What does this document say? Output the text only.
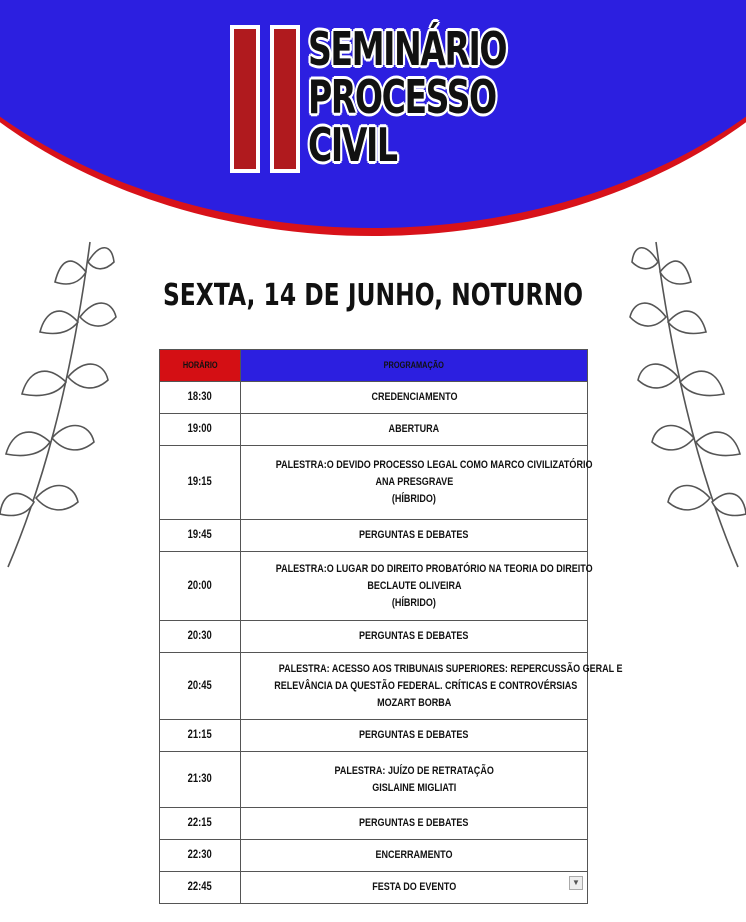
SEMINÁRIO
PROCESSO
CIVIL
SEXTA, 14 DE JUNHO, NOTURNO
HORÁRIO	PROGRAMAÇÃO
18:30	CREDENCIAMENTO
19:00	ABERTURA
19:15	PALESTRA:O DEVIDO PROCESSO LEGAL COMO MARCO CIVILIZATÓRIO
ANA PRESGRAVE
(HÍBRIDO)

19:45	PERGUNTAS E DEBATES
20:00	PALESTRA:O LUGAR DO DIREITO PROBATÓRIO NA TEORIA DO DIREITO
BECLAUTE OLIVEIRA
(HÍBRIDO)

20:30	PERGUNTAS E DEBATES
20:45	PALESTRA: ACESSO AOS TRIBUNAIS SUPERIORES: REPERCUSSÃO GERAL E
RELEVÂNCIA DA QUESTÃO FEDERAL. CRÍTICAS E CONTROVÉRSIAS
MOZART BORBA

21:15	PERGUNTAS E DEBATES
21:30	PALESTRA: JUÍZO DE RETRATAÇÃO
GISLAINE MIGLIATI

22:15	PERGUNTAS E DEBATES
22:30	ENCERRAMENTO
22:45	FESTA DO EVENTO ▼
